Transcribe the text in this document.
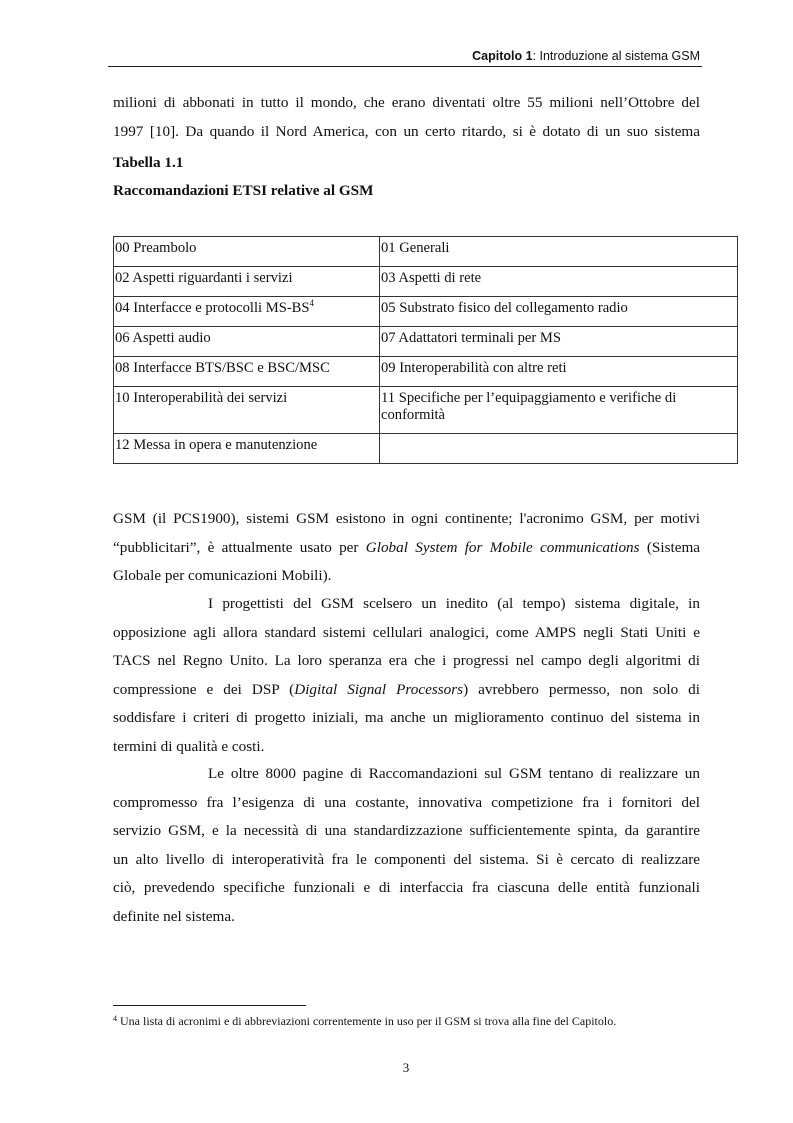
Capitolo 1: Introduzione al sistema GSM
milioni di abbonati in tutto il mondo, che erano diventati oltre 55 milioni nell’Ottobre del
1997 [10]. Da quando il Nord America, con un certo ritardo, si è dotato di un suo sistema
Tabella 1.1
Raccomandazioni ETSI relative al GSM
00 Preambolo	01 Generali
02 Aspetti riguardanti i servizi	03 Aspetti di rete
04 Interfacce e protocolli $MS-BS^4$	05 Substrato fisico del collegamento radio
06 Aspetti audio	07 Adattatori terminali per MS
08 Interfacce BTS/BSC e BSC/MSC	09 Interoperabilità con altre reti
10 Interoperabilità dei servizi	11 Specifiche per l’equipaggiamento e verifiche di conformità
12 Messa in opera e manutenzione	
GSM (il PCS1900), sistemi GSM esistono in ogni continente; l'acronimo GSM, per motivi
“pubblicitari”, è attualmente usato per Global System for Mobile communications (Sistema
Globale per comunicazioni Mobili).
I progettisti del GSM scelsero un inedito (al tempo) sistema digitale, in
opposizione agli allora standard sistemi cellulari analogici, come AMPS negli Stati Uniti e
TACS nel Regno Unito. La loro speranza era che i progressi nel campo degli algoritmi di
compressione e dei DSP (Digital Signal Processors) avrebbero permesso, non solo di
soddisfare i criteri di progetto iniziali, ma anche un miglioramento continuo del sistema in
termini di qualità e costi.
Le oltre 8000 pagine di Raccomandazioni sul GSM tentano di realizzare un
compromesso fra l’esigenza di una costante, innovativa competizione fra i fornitori del
servizio GSM, e la necessità di una standardizzazione sufficientemente spinta, da garantire
un alto livello di interoperatività fra le componenti del sistema. Si è cercato di realizzare
ciò, prevedendo specifiche funzionali e di interfaccia fra ciascuna delle entità funzionali
definite nel sistema.
$^4$ Una lista di acronimi e di abbreviazioni correntemente in uso per il GSM si trova alla fine del Capitolo.
3
